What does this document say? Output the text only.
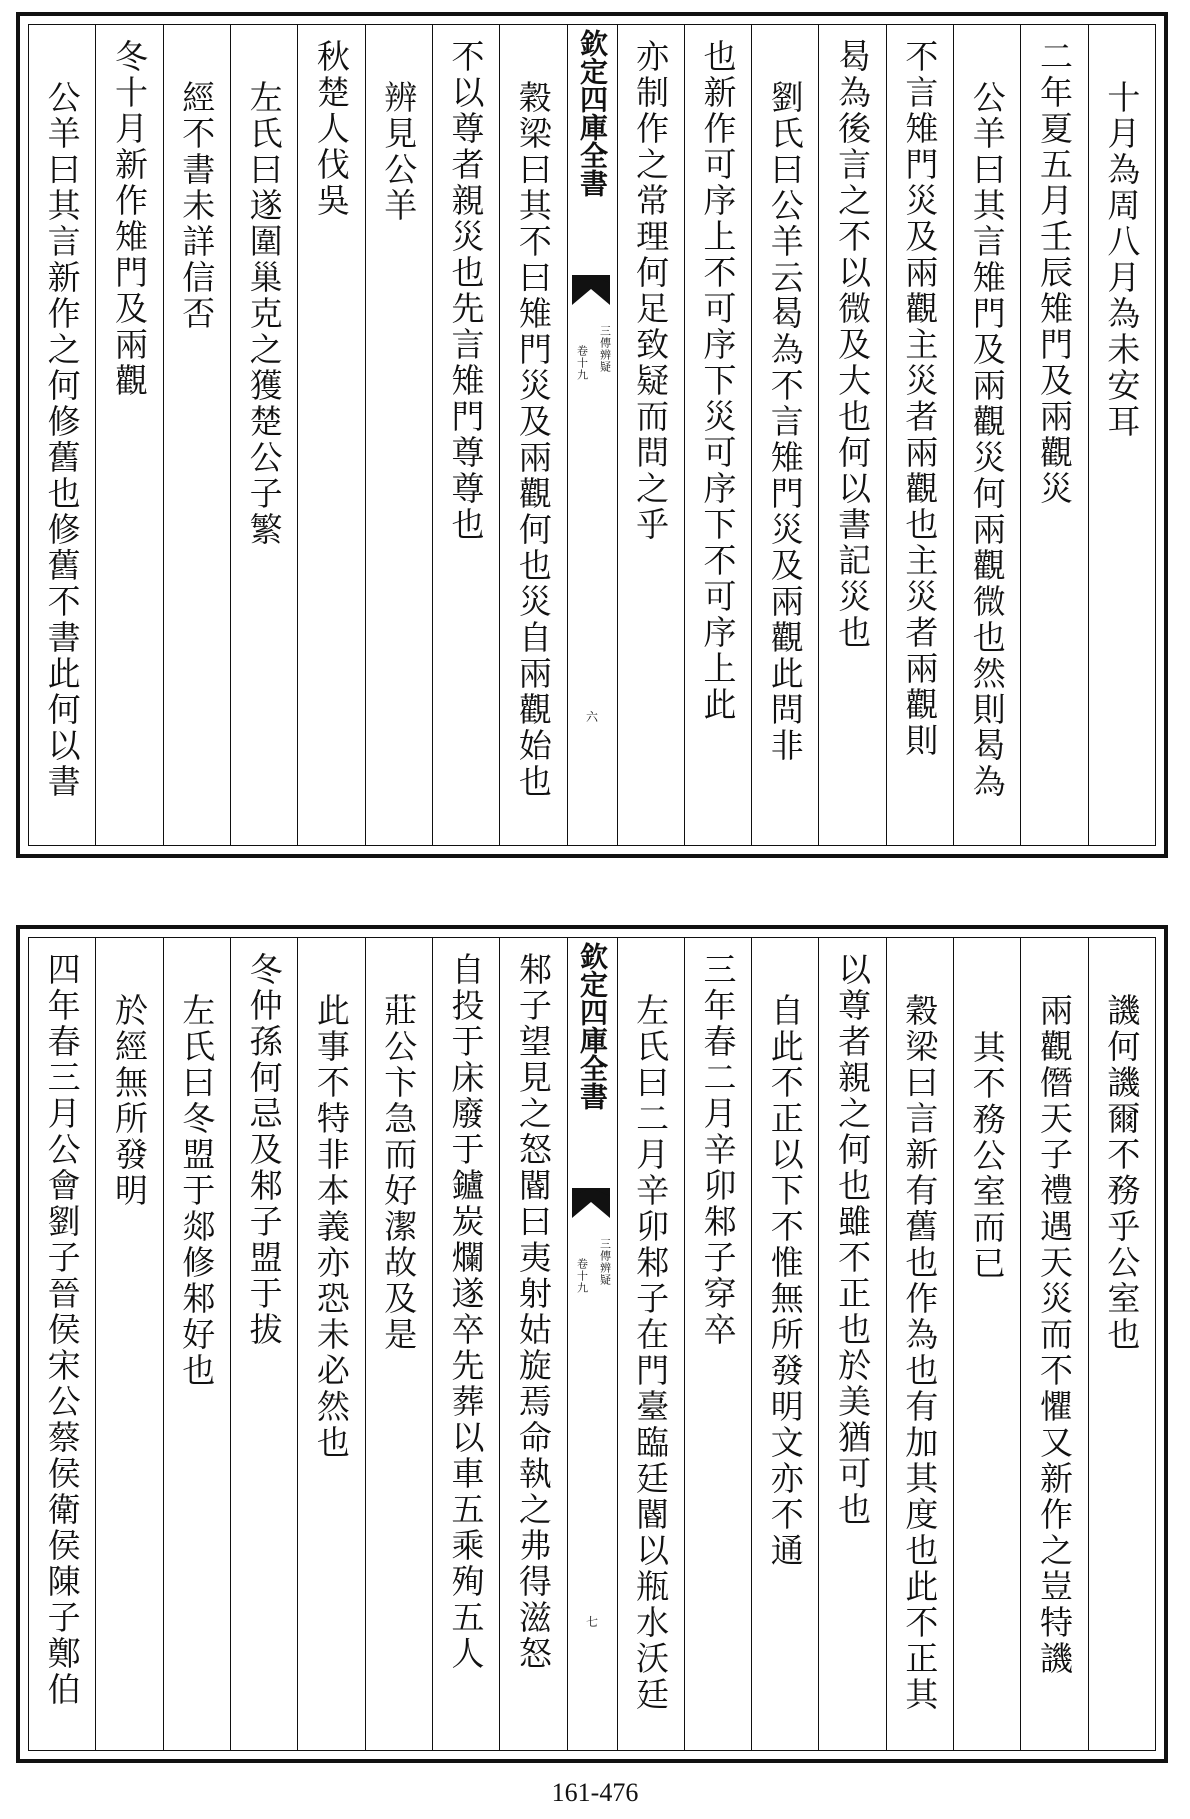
十月為周八月為未安耳
二年夏五月壬辰雉門及兩觀災
公羊曰其言雉門及兩觀災何兩觀微也然則曷為
不言雉門災及兩觀主災者兩觀也主災者兩觀則
曷為後言之不以微及大也何以書記災也
劉氏曰公羊云曷為不言雉門災及兩觀此問非
也新作可序上不可序下災可序下不可序上此
亦制作之常理何足致疑而問之乎
欽定四庫全書
三傳辨疑
卷十九
六
穀梁曰其不曰雉門災及兩觀何也災自兩觀始也
不以尊者親災也先言雉門尊尊也
辨見公羊
秋楚人伐吳
左氏曰遂圍巢克之獲楚公子繁
經不書未詳信否
冬十月新作雉門及兩觀
公羊曰其言新作之何修舊也修舊不書此何以書
譏何譏爾不務乎公室也
兩觀僭天子禮遇天災而不懼又新作之豈特譏
其不務公室而已
穀梁曰言新有舊也作為也有加其度也此不正其
以尊者親之何也雖不正也於美猶可也
自此不正以下不惟無所發明文亦不通
三年春二月辛卯邾子穿卒
左氏曰二月辛卯邾子在門臺臨廷閽以瓶水沃廷
欽定四庫全書
三傳辨疑
卷十九
七
邾子望見之怒閽曰夷射姑旋焉命執之弗得滋怒
自投于床廢于鑪炭爛遂卒先葬以車五乘殉五人
莊公卞急而好潔故及是
此事不特非本義亦恐未必然也
冬仲孫何忌及邾子盟于拔
左氏曰冬盟于郯修邾好也
於經無所發明
四年春三月公會劉子晉侯宋公蔡侯衛侯陳子鄭伯
161-476
